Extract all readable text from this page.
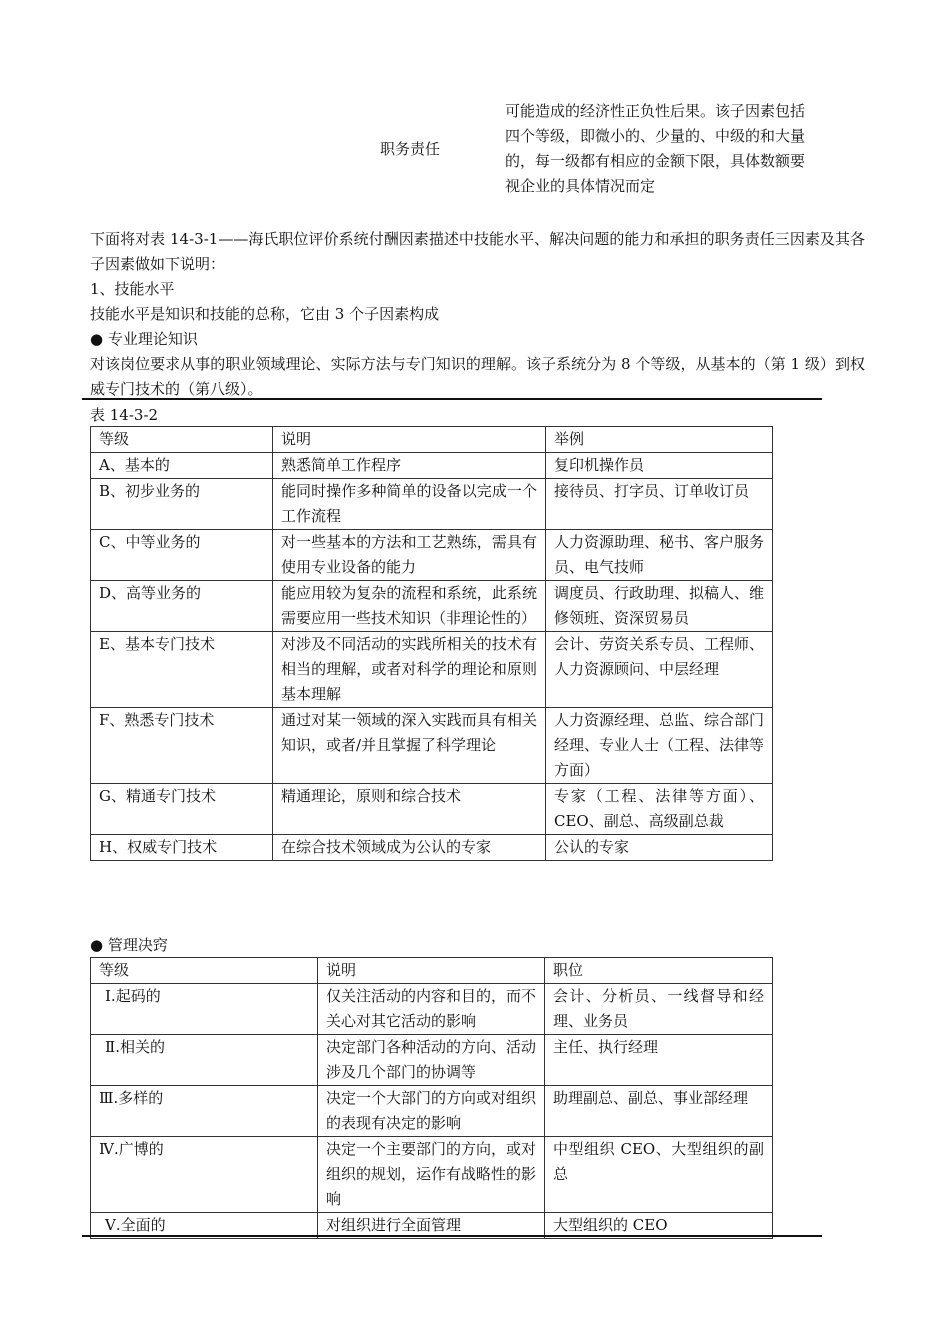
职务责任
可能造成的经济性正负性后果。该子因素包括
四个等级，即微小的、少量的、中级的和大量
的，每一级都有相应的金额下限，具体数额要
视企业的具体情况而定

下面将对表 14-3-1——海氏职位评价系统付酬因素描述中技能水平、解决问题的能力和承担的职务责任三因素及其各子因素做如下说明：

1、技能水平

技能水平是知识和技能的总称，它由 3 个子因素构成

● 专业理论知识

对该岗位要求从事的职业领域理论、实际方法与专门知识的理解。该子系统分为 8 个等级，从基本的（第 1 级）到权威专门技术的（第八级）。

表 14-3-2
等级	说明	举例
A、基本的	熟悉简单工作程序	复印机操作员
B、初步业务的	能同时操作多种简单的设备以完成一个工作流程	接待员、打字员、订单收订员
C、中等业务的	对一些基本的方法和工艺熟练，需具有使用专业设备的能力	人力资源助理、秘书、客户服务员、电气技师
D、高等业务的	能应用较为复杂的流程和系统，此系统需要应用一些技术知识（非理论性的）	调度员、行政助理、拟稿人、维修领班、资深贸易员
E、基本专门技术	对涉及不同活动的实践所相关的技术有相当的理解，或者对科学的理论和原则基本理解	会计、劳资关系专员、工程师、人力资源顾问、中层经理
F、熟悉专门技术	通过对某一领域的深入实践而具有相关知识，或者/并且掌握了科学理论	人力资源经理、总监、综合部门经理、专业人士（工程、法律等方面）
G、精通专门技术	精通理论，原则和综合技术	专家（工程、法律等方面）、CEO、副总、高级副总裁
H、权威专门技术	在综合技术领域成为公认的专家	公认的专家
● 管理决窍
等级	说明	职位
Ⅰ.起码的	仅关注活动的内容和目的，而不关心对其它活动的影响	会计、分析员、一线督导和经理、业务员
Ⅱ.相关的	决定部门各种活动的方向、活动涉及几个部门的协调等	主任、执行经理
Ⅲ.多样的	决定一个大部门的方向或对组织的表现有决定的影响	助理副总、副总、事业部经理
Ⅳ.广博的	决定一个主要部门的方向，或对组织的规划，运作有战略性的影响	中型组织 CEO、大型组织的副总
Ⅴ.全面的	对组织进行全面管理	大型组织的 CEO
